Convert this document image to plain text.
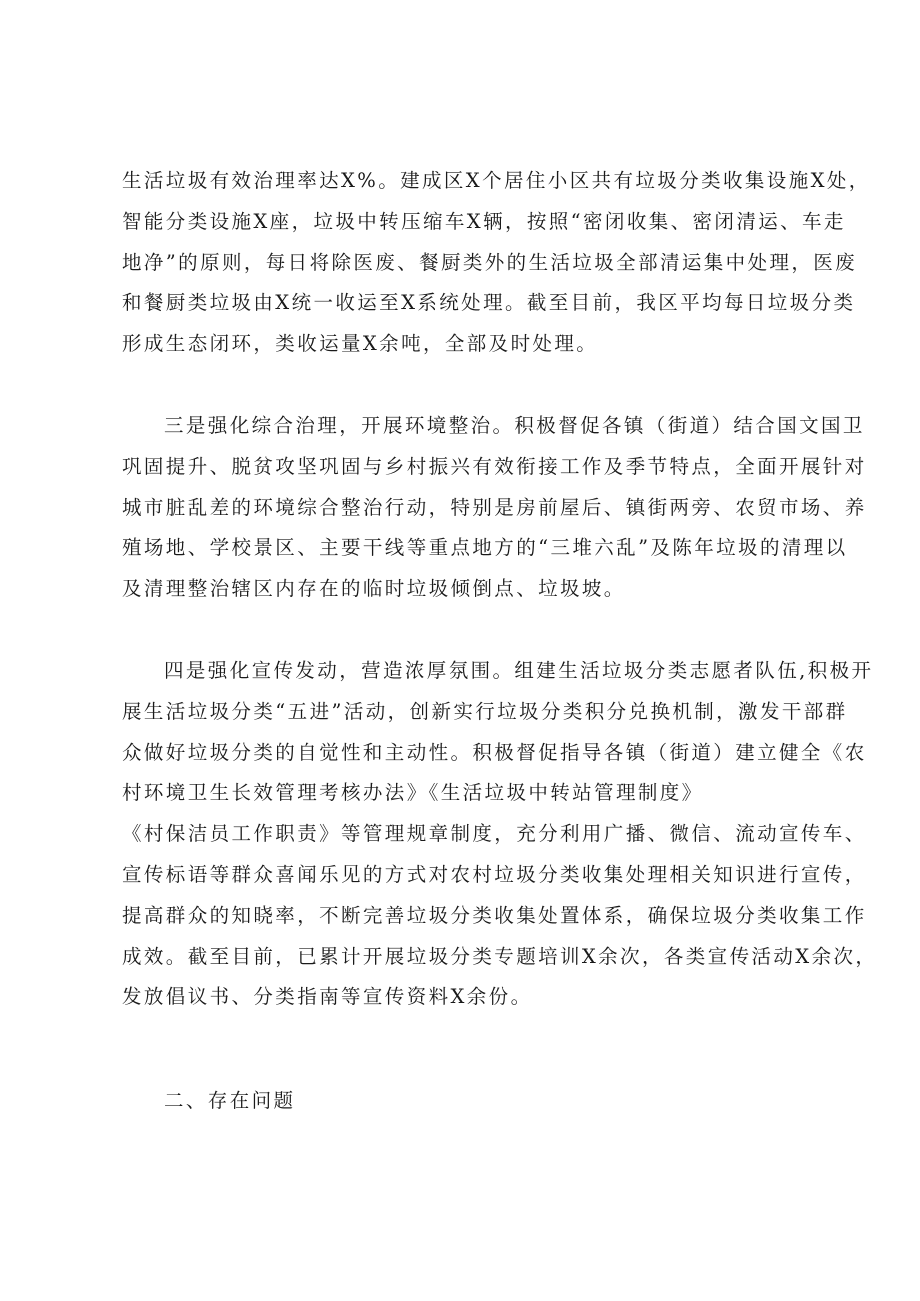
生活垃圾有效治理率达X%。建成区X个居住小区共有垃圾分类收集设施X处，
智能分类设施X座，垃圾中转压缩车X辆，按照“密闭收集、密闭清运、车走
地净”的原则，每日将除医废、餐厨类外的生活垃圾全部清运集中处理，医废
和餐厨类垃圾由X统一收运至X系统处理。截至目前，我区平均每日垃圾分类
形成生态闭环，类收运量X余吨，全部及时处理。
三是强化综合治理，开展环境整治。积极督促各镇（街道）结合国文国卫
巩固提升、脱贫攻坚巩固与乡村振兴有效衔接工作及季节特点，全面开展针对
城市脏乱差的环境综合整治行动，特别是房前屋后、镇街两旁、农贸市场、养
殖场地、学校景区、主要干线等重点地方的“三堆六乱”及陈年垃圾的清理以
及清理整治辖区内存在的临时垃圾倾倒点、垃圾坡。
四是强化宣传发动，营造浓厚氛围。组建生活垃圾分类志愿者队伍,积极开
展生活垃圾分类“五进”活动，创新实行垃圾分类积分兑换机制，激发干部群
众做好垃圾分类的自觉性和主动性。积极督促指导各镇（街道）建立健全《农
村环境卫生长效管理考核办法》《生活垃圾中转站管理制度》
《村保洁员工作职责》等管理规章制度，充分利用广播、微信、流动宣传车、
宣传标语等群众喜闻乐见的方式对农村垃圾分类收集处理相关知识进行宣传，
提高群众的知晓率，不断完善垃圾分类收集处置体系，确保垃圾分类收集工作
成效。截至目前，已累计开展垃圾分类专题培训X余次，各类宣传活动X余次，
发放倡议书、分类指南等宣传资料X余份。
二、存在问题
